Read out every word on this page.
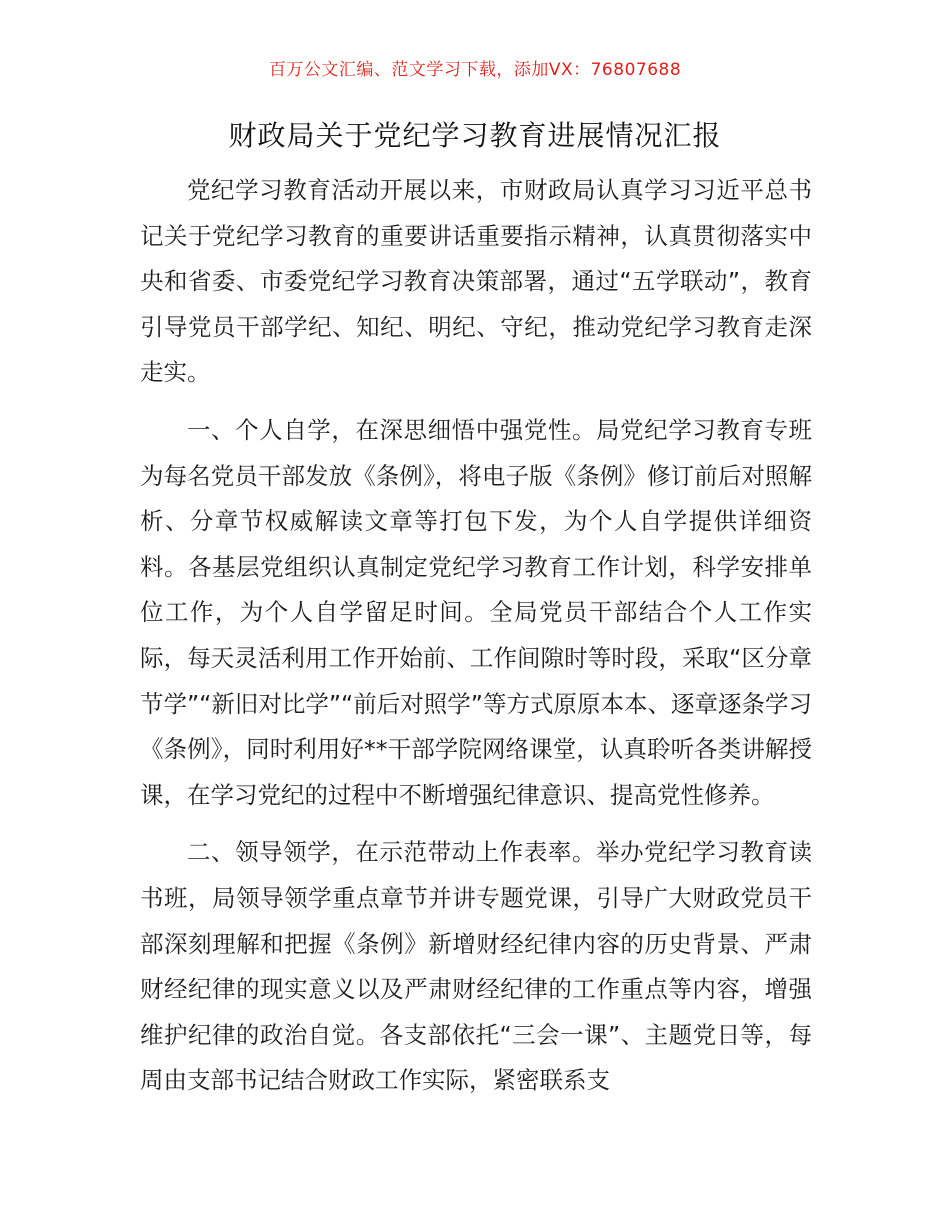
百万公文汇编、范文学习下载，添加VX：76807688
财政局关于党纪学习教育进展情况汇报

党纪学习教育活动开展以来，市财政局认真学习习近平总书记关于党纪学习教育的重要讲话重要指示精神，认真贯彻落实中央和省委、市委党纪学习教育决策部署，通过“五学联动”，教育引导党员干部学纪、知纪、明纪、守纪，推动党纪学习教育走深走实。

一、个人自学，在深思细悟中强党性。局党纪学习教育专班为每名党员干部发放《条例》，将电子版《条例》修订前后对照解析、分章节权威解读文章等打包下发，为个人自学提供详细资料。各基层党组织认真制定党纪学习教育工作计划，科学安排单位工作，为个人自学留足时间。全局党员干部结合个人工作实际，每天灵活利用工作开始前、工作间隙时等时段，采取“区分章节学”“新旧对比学”“前后对照学”等方式原原本本、逐章逐条学习《条例》，同时利用好**干部学院网络课堂，认真聆听各类讲解授课，在学习党纪的过程中不断增强纪律意识、提高党性修养。

二、领导领学，在示范带动上作表率。举办党纪学习教育读书班，局领导领学重点章节并讲专题党课，引导广大财政党员干部深刻理解和把握《条例》新增财经纪律内容的历史背景、严肃财经纪律的现实意义以及严肃财经纪律的工作重点等内容，增强维护纪律的政治自觉。各支部依托“三会一课”、主题党日等，每周由支部书记结合财政工作实际，紧密联系支
